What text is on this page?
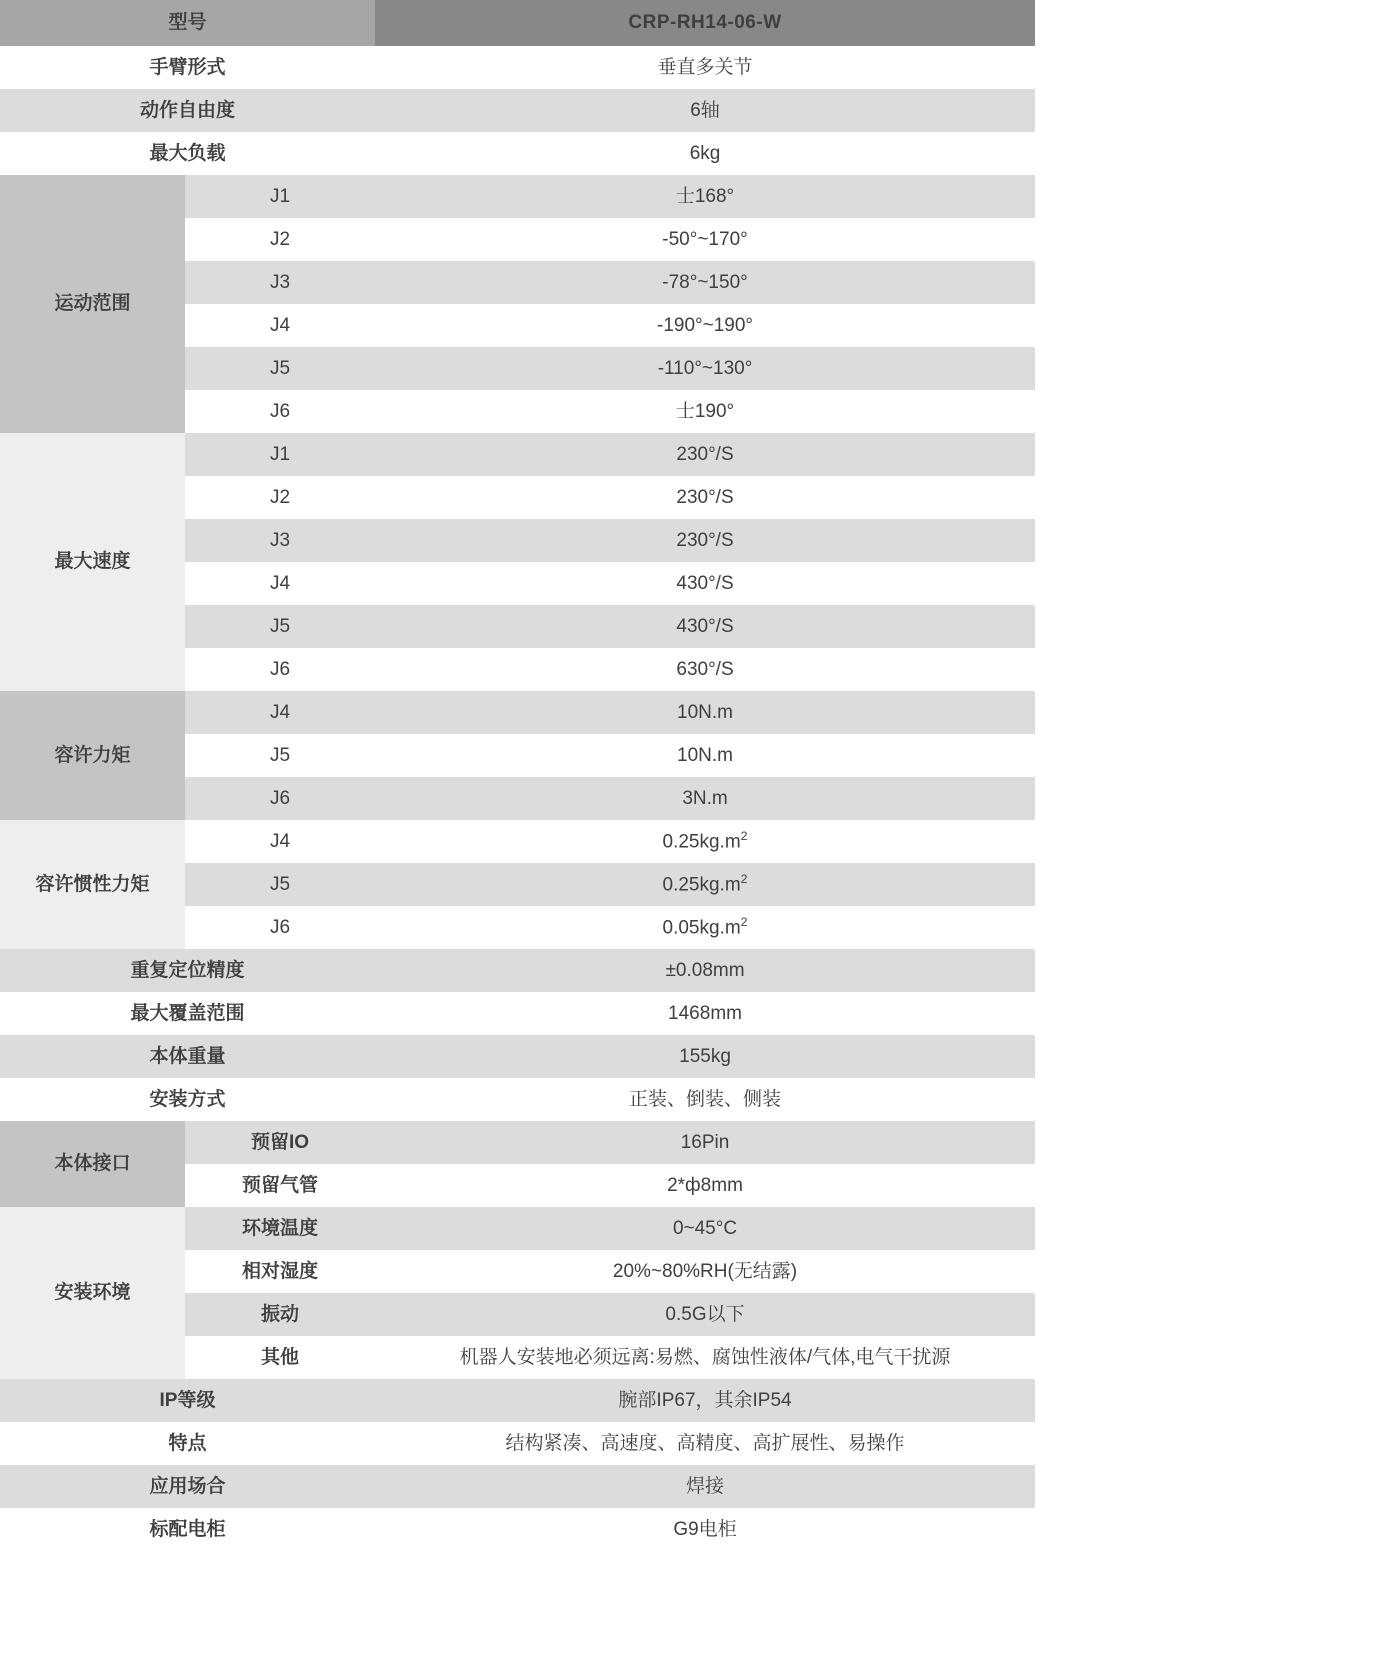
型号		CRP-RH14-06-W
手臂形式		垂直多关节
动作自由度		6轴
最大负载		6kg
运动范围	J1	士168°
	J2	-50°~170°
	J3	-78°~150°
	J4	-190°~190°
	J5	-110°~130°
	J6	士190°
最大速度	J1	230°/S
	J2	230°/S
	J3	230°/S
	J4	430°/S
	J5	430°/S
	J6	630°/S
容许力矩	J4	10N.m
	J5	10N.m
	J6	3N.m
容许惯性力矩	J4	$0.25kg.m^2$
	J5	$0.25kg.m^2$
	J6	$0.05kg.m^2$
重复定位精度		±0.08mm
最大覆盖范围		1468mm
本体重量		155kg
安装方式		正装、倒装、侧装
本体接口	预留IO	16Pin
	预留气管	2*ф8mm
安装环境	环境温度	0~45°C
	相对湿度	20%~80%RH(无结露)
	振动	0.5G以下
	其他	机器人安装地必须远离:易燃、腐蚀性液体/气体,电气干扰源
IP等级		腕部IP67，其余IP54
特点		结构紧凑、高速度、高精度、高扩展性、易操作
应用场合		焊接
标配电柜		G9电柜
